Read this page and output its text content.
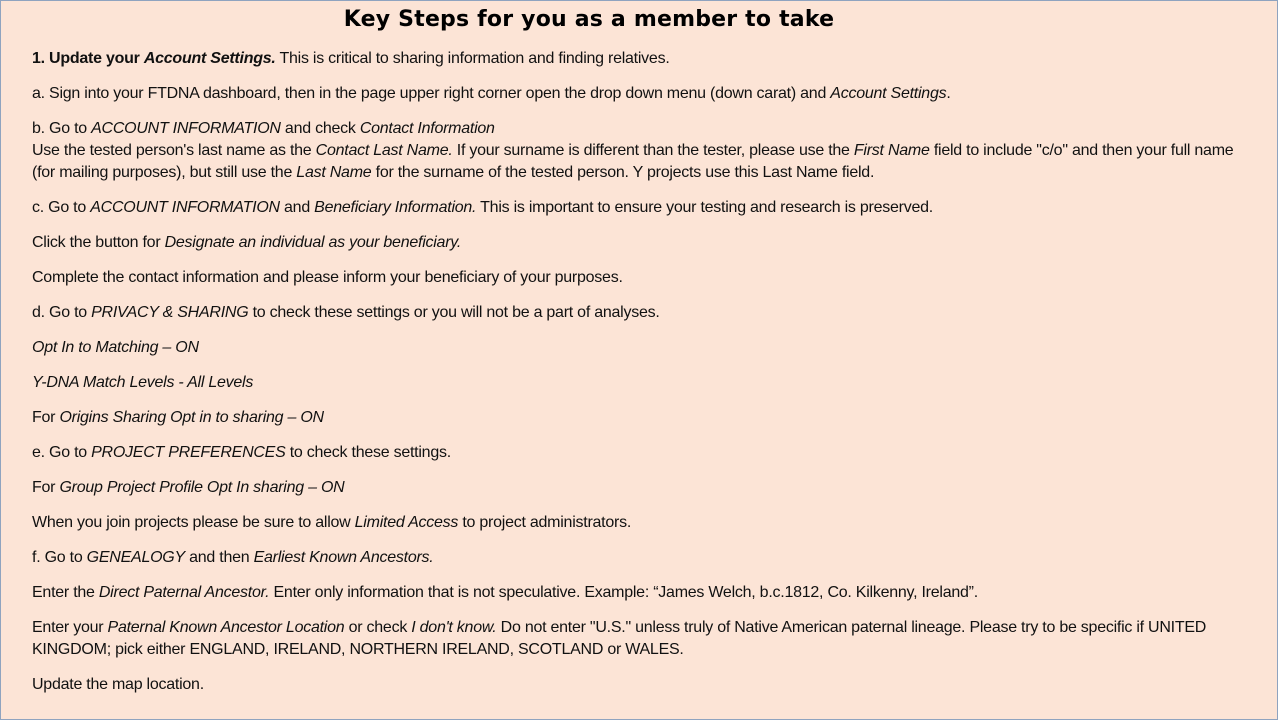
Key Steps for you as a member to take

1. Update your Account Settings. This is critical to sharing information and finding relatives.

a. Sign into your FTDNA dashboard, then in the page upper right corner open the drop down menu (down carat) and Account Settings.

b. Go to ACCOUNT INFORMATION and check Contact Information
Use the tested person's last name as the Contact Last Name. If your surname is different than the tester, please use the First Name field to include "c/o" and then your full name (for mailing purposes), but still use the Last Name for the surname of the tested person. Y projects use this Last Name field.

c. Go to ACCOUNT INFORMATION and Beneficiary Information. This is important to ensure your testing and research is preserved.

Click the button for Designate an individual as your beneficiary.

Complete the contact information and please inform your beneficiary of your purposes.

d. Go to PRIVACY & SHARING to check these settings or you will not be a part of analyses.

Opt In to Matching – ON

Y-DNA Match Levels - All Levels

For Origins Sharing Opt in to sharing – ON

e. Go to PROJECT PREFERENCES to check these settings.

For Group Project Profile Opt In sharing – ON

When you join projects please be sure to allow Limited Access to project administrators.

f. Go to GENEALOGY and then Earliest Known Ancestors.

Enter the Direct Paternal Ancestor. Enter only information that is not speculative. Example: “James Welch, b.c.1812, Co. Kilkenny, Ireland”.

Enter your Paternal Known Ancestor Location or check I don't know. Do not enter "U.S." unless truly of Native American paternal lineage. Please try to be specific if UNITED KINGDOM; pick either ENGLAND, IRELAND, NORTHERN IRELAND, SCOTLAND or WALES.

Update the map location.
